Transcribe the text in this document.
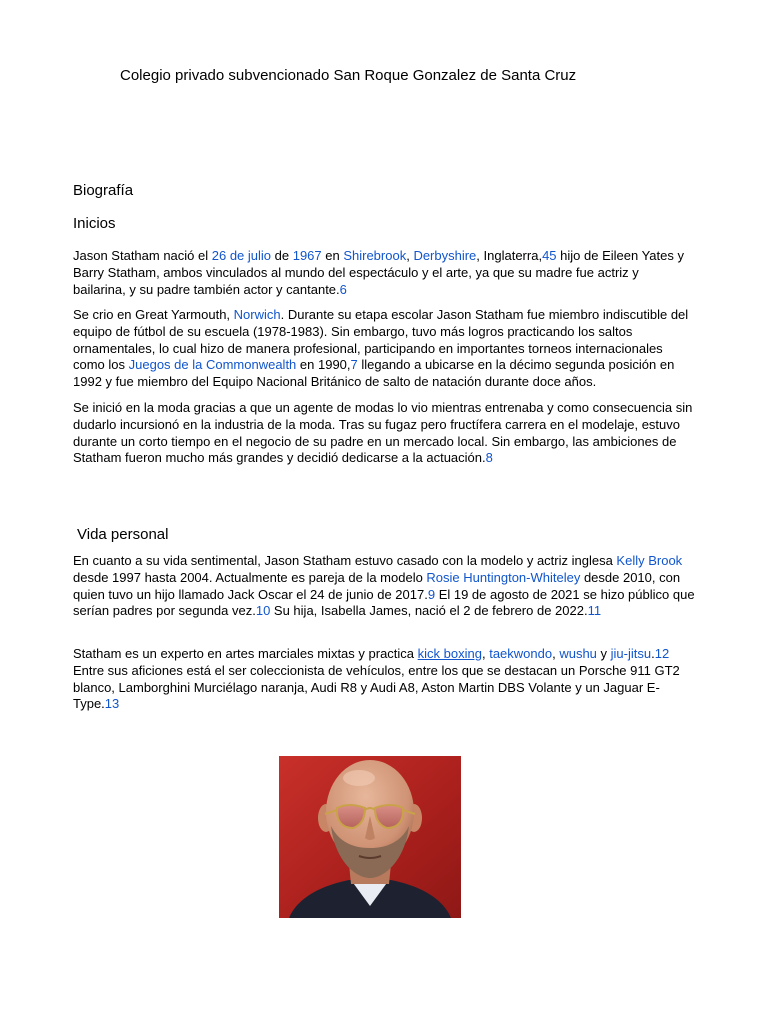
Colegio privado subvencionado San Roque Gonzalez de Santa Cruz
Biografía
Inicios

Jason Statham nació el 26 de julio de 1967 en Shirebrook, Derbyshire, Inglaterra,45 hijo de Eileen Yates y Barry Statham, ambos vinculados al mundo del espectáculo y el arte, ya que su madre fue actriz y bailarina, y su padre también actor y cantante.6

Se crio en Great Yarmouth, Norwich. Durante su etapa escolar Jason Statham fue miembro indiscutible del equipo de fútbol de su escuela (1978-1983). Sin embargo, tuvo más logros practicando los saltos ornamentales, lo cual hizo de manera profesional, participando en importantes torneos internacionales como los Juegos de la Commonwealth en 1990,7 llegando a ubicarse en la décimo segunda posición en 1992 y fue miembro del Equipo Nacional Británico de salto de natación durante doce años.

Se inició en la moda gracias a que un agente de modas lo vio mientras entrenaba y como consecuencia sin dudarlo incursionó en la industria de la moda. Tras su fugaz pero fructífera carrera en el modelaje, estuvo durante un corto tiempo en el negocio de su padre en un mercado local. Sin embargo, las ambiciones de Statham fueron mucho más grandes y decidió dedicarse a la actuación.8

Vida personal

En cuanto a su vida sentimental, Jason Statham estuvo casado con la modelo y actriz inglesa Kelly Brook desde 1997 hasta 2004. Actualmente es pareja de la modelo Rosie Huntington-Whiteley desde 2010, con quien tuvo un hijo llamado Jack Oscar el 24 de junio de 2017.9 El 19 de agosto de 2021 se hizo público que serían padres por segunda vez.10 Su hija, Isabella James, nació el 2 de febrero de 2022.11

Statham es un experto en artes marciales mixtas y practica kick boxing, taekwondo, wushu y jiu-jitsu.12 Entre sus aficiones está el ser coleccionista de vehículos, entre los que se destacan un Porsche 911 GT2 blanco, Lamborghini Murciélago naranja, Audi R8 y Audi A8, Aston Martin DBS Volante y un Jaguar E-Type.13
